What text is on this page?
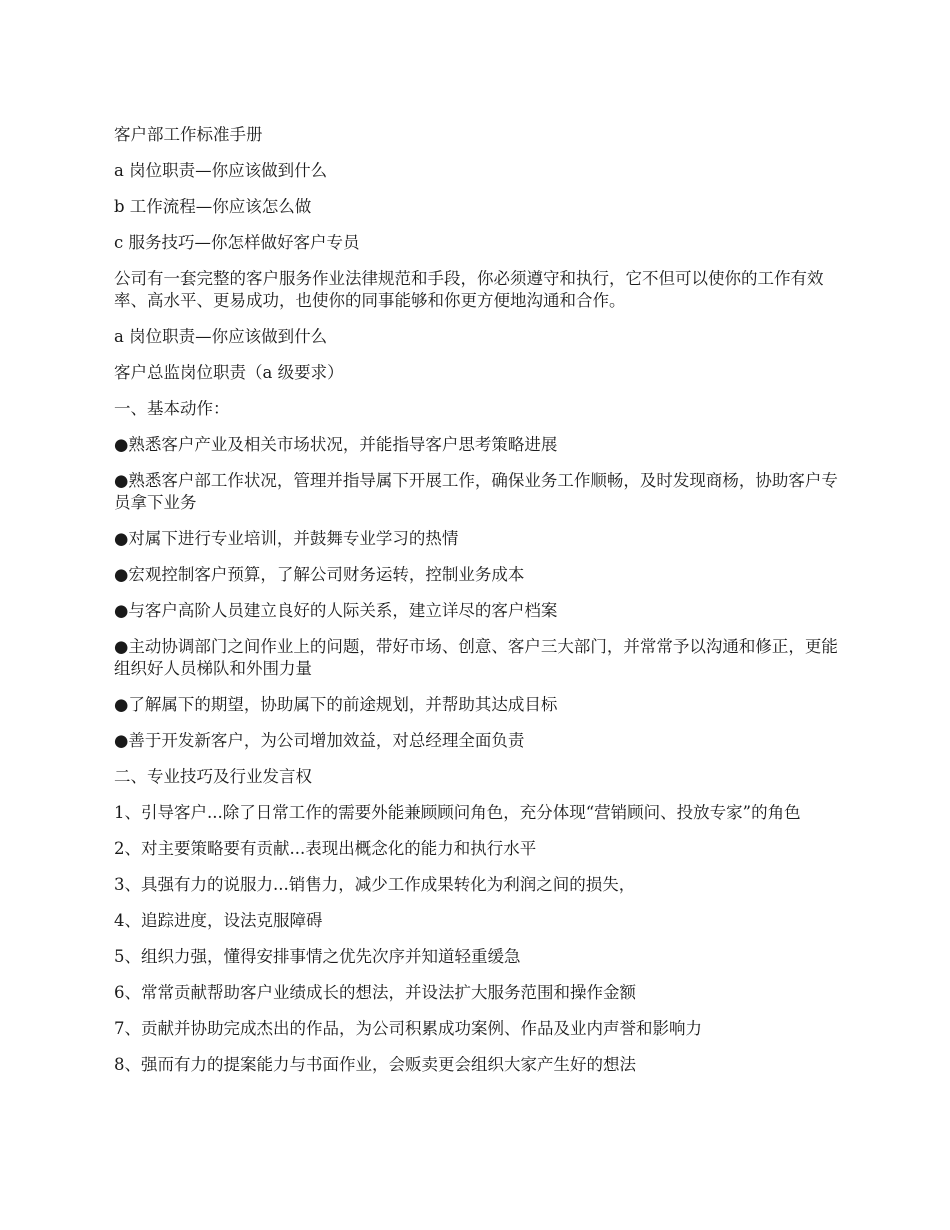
客户部工作标准手册

a 岗位职责—你应该做到什么

b 工作流程—你应该怎么做

c 服务技巧—你怎样做好客户专员

公司有一套完整的客户服务作业法律规范和手段，你必须遵守和执行，它不但可以使你的工作有效率、高水平、更易成功，也使你的同事能够和你更方便地沟通和合作。

a 岗位职责—你应该做到什么

客户总监岗位职责（a 级要求）

一、基本动作：

●熟悉客户产业及相关市场状况，并能指导客户思考策略进展

●熟悉客户部工作状况，管理并指导属下开展工作，确保业务工作顺畅，及时发现商杨，协助客户专员拿下业务

●对属下进行专业培训，并鼓舞专业学习的热情

●宏观控制客户预算，了解公司财务运转，控制业务成本

●与客户高阶人员建立良好的人际关系，建立详尽的客户档案

●主动协调部门之间作业上的问题，带好市场、创意、客户三大部门，并常常予以沟通和修正，更能组织好人员梯队和外围力量

●了解属下的期望，协助属下的前途规划，并帮助其达成目标

●善于开发新客户，为公司增加效益，对总经理全面负责

二、专业技巧及行业发言权

1、引导客户...除了日常工作的需要外能兼顾顾问角色，充分体现“营销顾问、投放专家”的角色

2、对主要策略要有贡献...表现出概念化的能力和执行水平

3、具强有力的说服力...销售力，减少工作成果转化为利润之间的损失，

4、追踪进度，设法克服障碍

5、组织力强，懂得安排事情之优先次序并知道轻重缓急

6、常常贡献帮助客户业绩成长的想法，并设法扩大服务范围和操作金额

7、贡献并协助完成杰出的作品，为公司积累成功案例、作品及业内声誉和影响力

8、强而有力的提案能力与书面作业，会贩卖更会组织大家产生好的想法
